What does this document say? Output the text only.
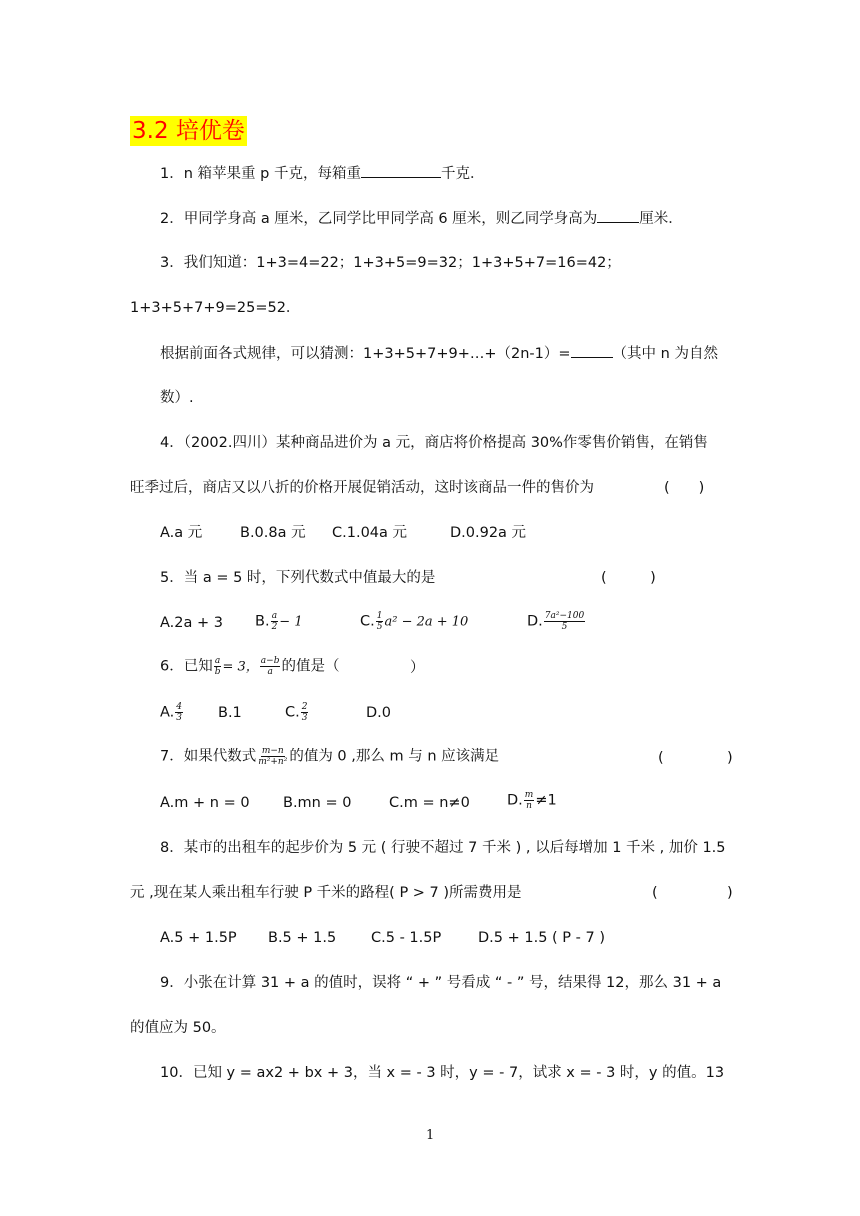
3.2 培优卷
1．n 箱苹果重 p 千克，每箱重	千克．
2．甲同学身高 a 厘米，乙同学比甲同学高 6 厘米，则乙同学身高为	厘米．
3．我们知道：1+3=4=22；1+3+5=9=32；1+3+5+7=16=42；
1+3+5+7+9=25=52．
根据前面各式规律，可以猜测：1+3+5+7+9+…+（2n-1）=	（其中 n 为自然
数）.
4．（2002.四川）某种商品进价为 a 元，商店将价格提高 30%作零售价销售，在销售
旺季过后，商店又以八折的价格开展促销活动，这时该商品一件的售价为	(　　)
A.a 元	B.0.8a 元 C.1.04a 元	D.0.92a 元
5．当 a = 5 时，下列代数式中值最大的是	(　　　)
A.2a + 3 B. $\frac{a}{2} - 1$	C. $\frac{1}{5} a^2 - 2a + 10$	D. $\frac{\text{7a²−100}}{5}$
6．已知 $\frac{a}{b} = 3$， $\frac{a-b}{a}$ 的值是（	）
A. $\frac{4}{3} B.1$	C. $\frac{2}{3}$	D.0
7．如果代数式 $\frac{m-n}{\text{m²+n²}}$ 的值为 0 ,那么 m 与 n 应该满足	(	)
A.m + n = 0 B.mn = 0	C.m = n≠0	D. $\frac{m}{n} \ne 1$
8．某市的出租车的起步价为 5 元 ( 行驶不超过 7 千米 ) , 以后每增加 1 千米 , 加价 1.5
元 ,现在某人乘出租车行驶 P 千米的路程( P > 7 )所需费用是	(	)
A.5 + 1.5P B.5 + 1.5 C.5 - 1.5P	D.5 + 1.5 ( P - 7 )
9．小张在计算 31 + a 的值时，误将 “ + ” 号看成 “ - ” 号，结果得 12，那么 31 + a
的值应为 50。
10．已知 y = ax2 + bx + 3，当 x = ‐ 3 时，y = ‐ 7，试求 x = ‐ 3 时，y 的值。13
1
